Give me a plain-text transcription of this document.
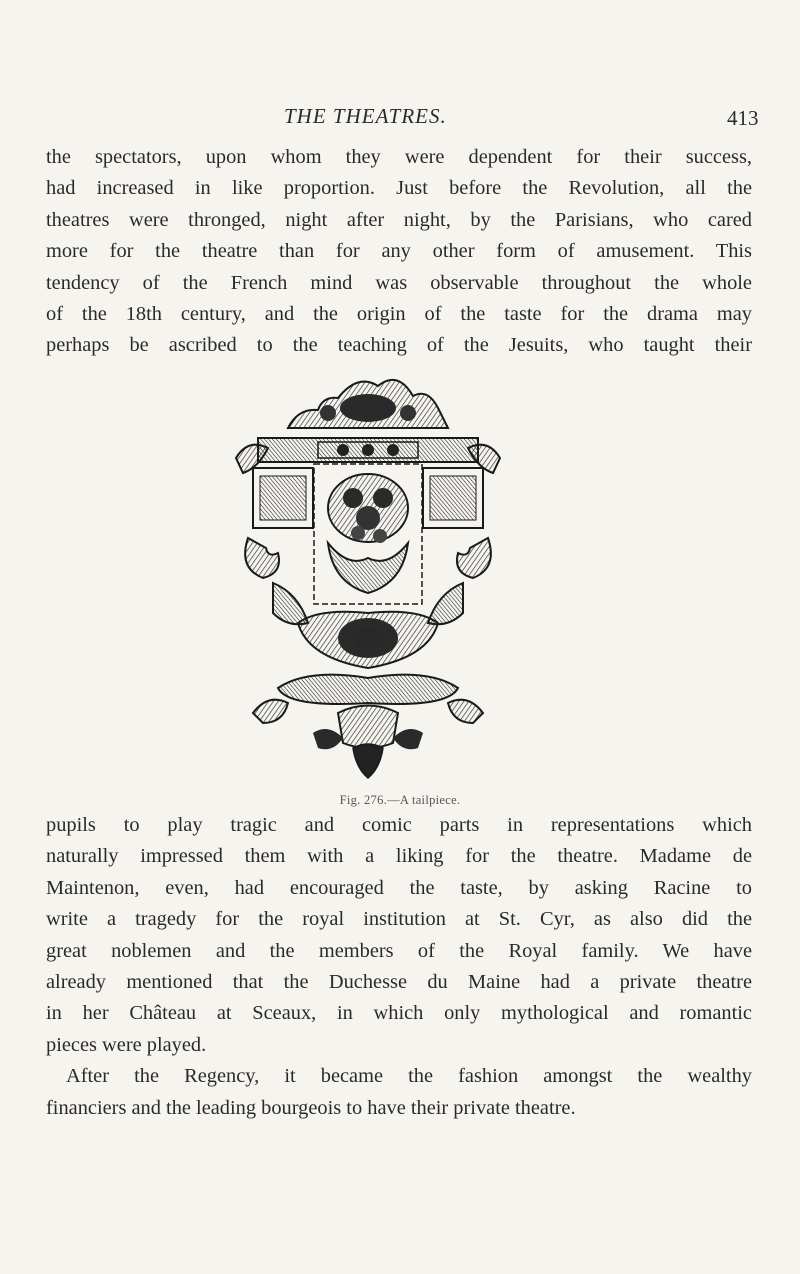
THE THEATRES.	413
the spectators, upon whom they were dependent for their success,
had increased in like proportion. Just before the Revolution, all the
theatres were thronged, night after night, by the Parisians, who cared
more for the theatre than for any other form of amusement. This
tendency of the French mind was observable throughout the whole
of the 18th century, and the origin of the taste for the drama may
perhaps be ascribed to the teaching of the Jesuits, who taught their
Fig. 276.—A tailpiece.
pupils to play tragic and comic parts in representations which
naturally impressed them with a liking for the theatre. Madame de
Maintenon, even, had encouraged the taste, by asking Racine to
write a tragedy for the royal institution at St. Cyr, as also did the
great noblemen and the members of the Royal family. We have
already mentioned that the Duchesse du Maine had a private theatre
in her Château at Sceaux, in which only mythological and romantic
pieces were played.
After the Regency, it became the fashion amongst the wealthy
financiers and the leading bourgeois to have their private theatre.
